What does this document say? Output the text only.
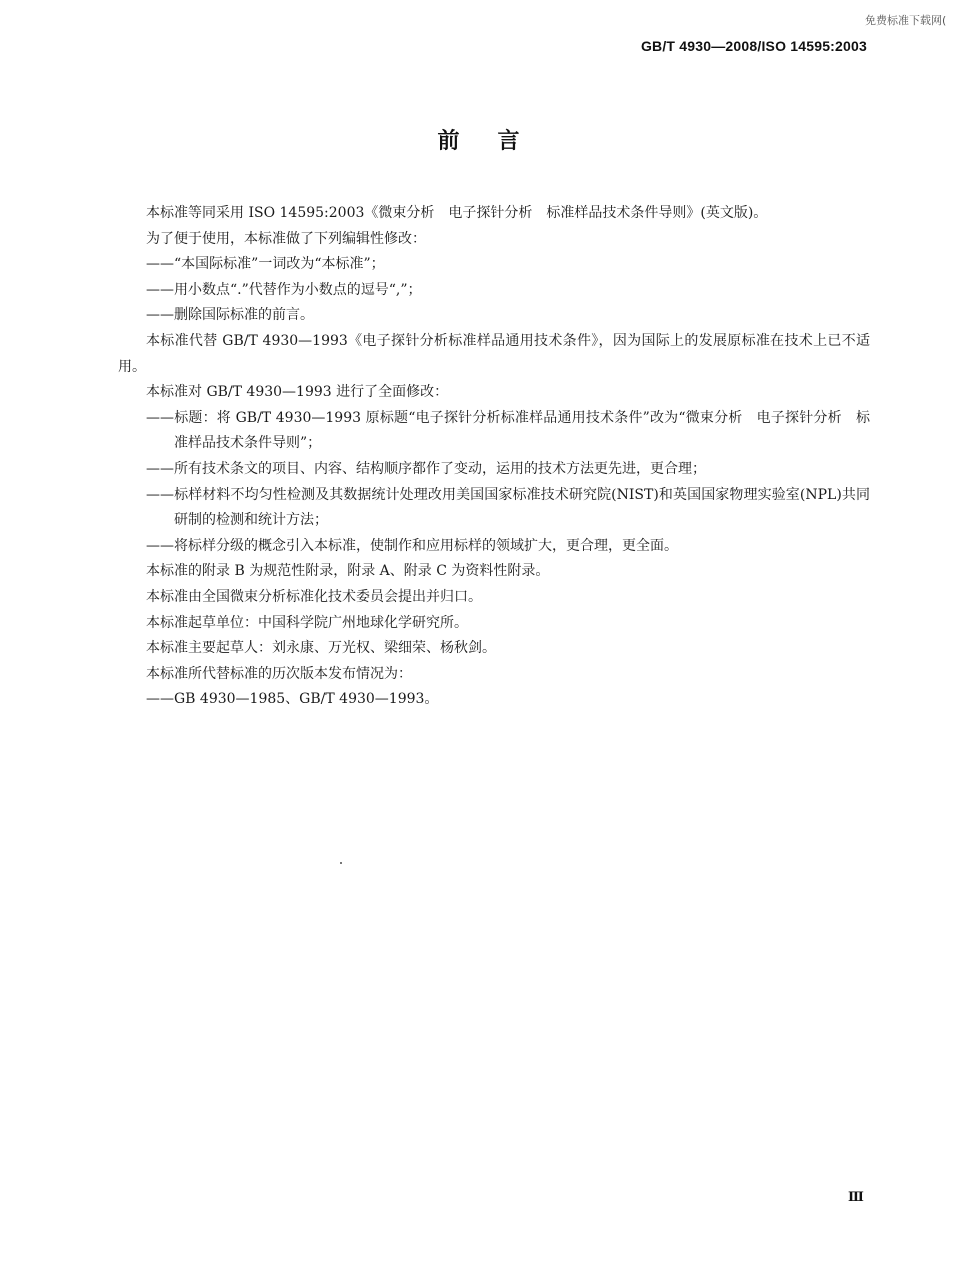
免费标准下载网(
GB/T 4930—2008/ISO 14595:2003
前言

本标准等同采用 ISO 14595:2003《微束分析　电子探针分析　标准样品技术条件导则》(英文版)。

为了便于使用，本标准做了下列编辑性修改：

——“本国际标准”一词改为“本标准”；

——用小数点“.”代替作为小数点的逗号“,”；

——删除国际标准的前言。

本标准代替 GB/T 4930—1993《电子探针分析标准样品通用技术条件》，因为国际上的发展原标准在技术上已不适用。

本标准对 GB/T 4930—1993 进行了全面修改：

——标题：将 GB/T 4930—1993 原标题“电子探针分析标准样品通用技术条件”改为“微束分析　电子探针分析　标准样品技术条件导则”；

——所有技术条文的项目、内容、结构顺序都作了变动，运用的技术方法更先进，更合理；

——标样材料不均匀性检测及其数据统计处理改用美国国家标准技术研究院(NIST)和英国国家物理实验室(NPL)共同研制的检测和统计方法；

——将标样分级的概念引入本标准，使制作和应用标样的领域扩大，更合理，更全面。

本标准的附录 B 为规范性附录，附录 A、附录 C 为资料性附录。

本标准由全国微束分析标准化技术委员会提出并归口。

本标准起草单位：中国科学院广州地球化学研究所。

本标准主要起草人：刘永康、万光权、梁细荣、杨秋剑。

本标准所代替标准的历次版本发布情况为：

——GB 4930—1985、GB/T 4930—1993。

Ⅲ
